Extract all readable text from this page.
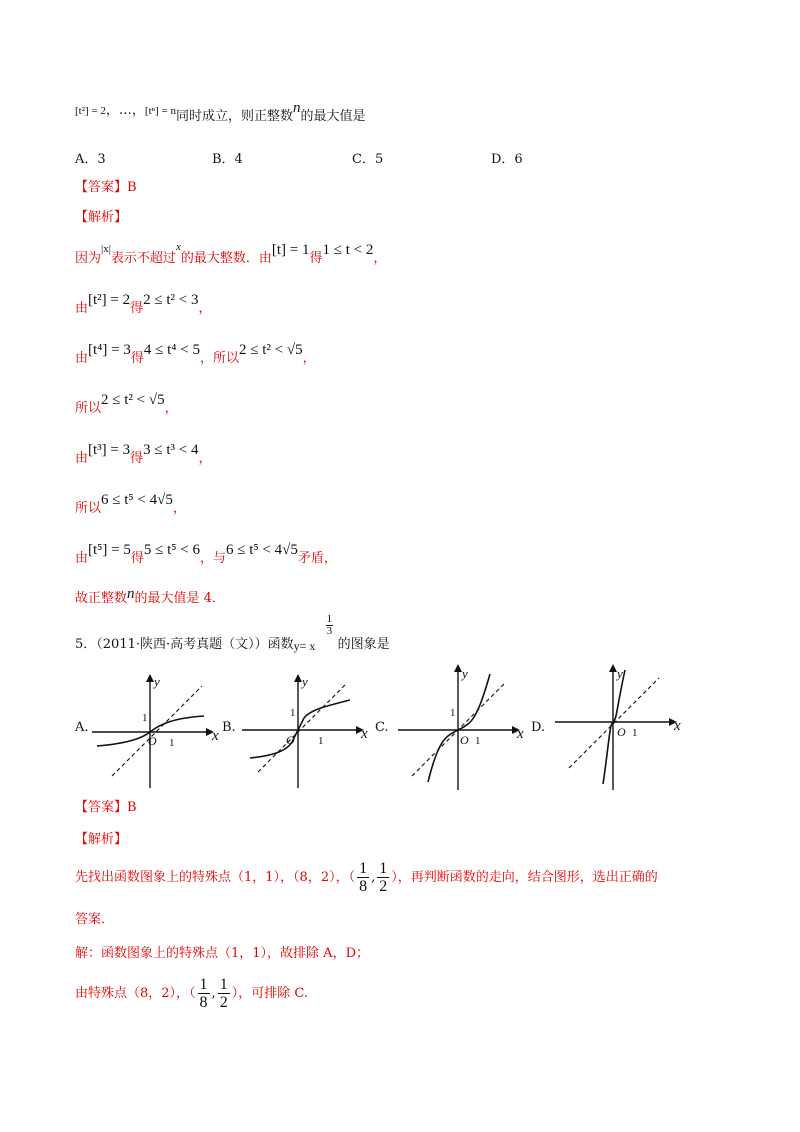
[t²] = 2，…，[tⁿ] = n同时成立，则正整数n的最大值是
A．3	B．4	C．5	D．6
【答案】B
【解析】
因为|x|表示不超过$^x$的最大整数．由[t] = 1得1 ≤ t < 2，
由[t²] = 2得2 ≤ t² < 3，
由[t⁴] = 3得4 ≤ t⁴ < 5，所以2 ≤ t² < √5，
所以2 ≤ t² < √5，
由[t³] = 3得3 ≤ t³ < 4，
所以6 ≤ t⁵ < 4√5，
由[t⁵] = 5得5 ≤ t⁵ < 6，与6 ≤ t⁵ < 4√5矛盾，
故正整数n的最大值是 4．
5．（2011·陕西·高考真题（文））函数 y= x
$\frac{1}{3}$
的图象是
A.	B.	C.	D.
y
x
O 1
1
y
x
O 1
1
y
x
O 1
1
y
x
O 1
【答案】B
【解析】
先找出函数图象上的特殊点（1，1），（8，2），（ $\frac{1}{8}$ , $\frac{1}{2}$ ），再判断函数的走向，结合图形，选出正确的
答案．
解：函数图象上的特殊点（1，1），故排除 A，D；
由特殊点（8，2），（ $\frac{1}{8}$ , $\frac{1}{2}$ ），可排除 C.
